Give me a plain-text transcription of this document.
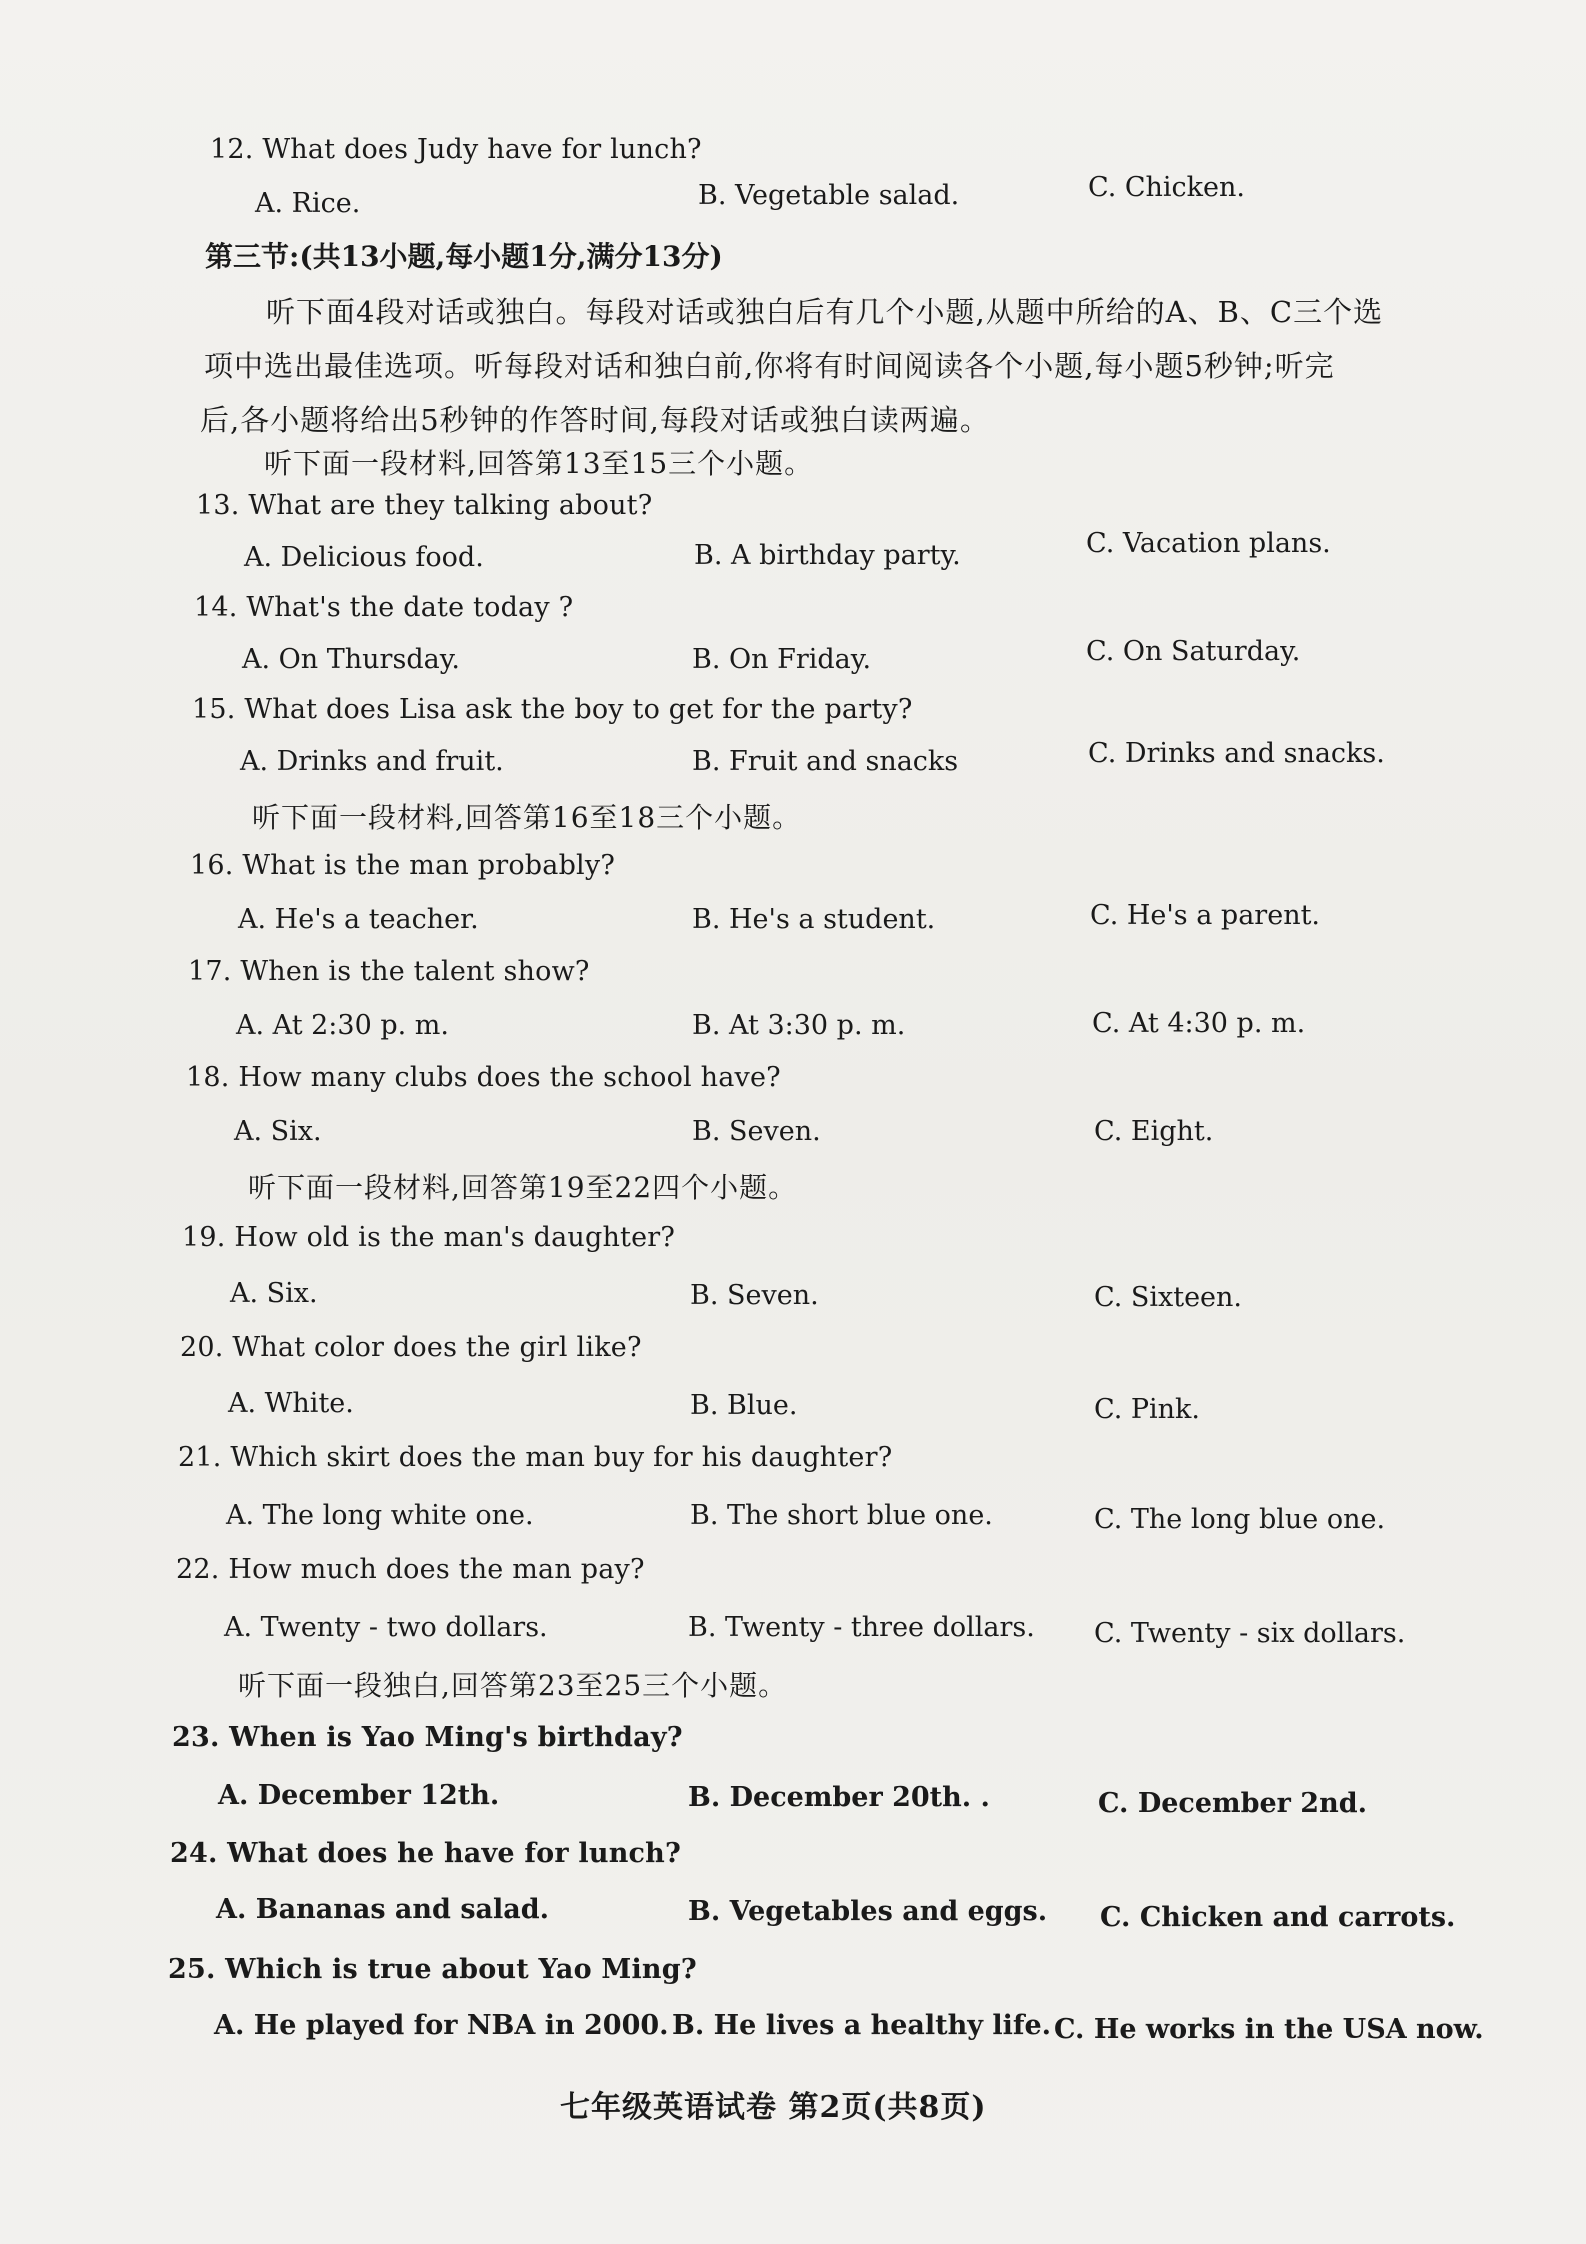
12. What does Judy have for lunch?
A. Rice.	B. Vegetable salad.	C. Chicken.
第三节:(共13小题,每小题1分,满分13分)
听下面4段对话或独白。每段对话或独白后有几个小题,从题中所给的A、B、C三个选
项中选出最佳选项。听每段对话和独白前,你将有时间阅读各个小题,每小题5秒钟;听完
后,各小题将给出5秒钟的作答时间,每段对话或独白读两遍。
听下面一段材料,回答第13至15三个小题。
13. What are they talking about?
A. Delicious food.	B. A birthday party.	C. Vacation plans.
14. What's the date today ?
A. On Thursday.	B. On Friday.	C. On Saturday.
15. What does Lisa ask the boy to get for the party?
A. Drinks and fruit.	B. Fruit and snacks	C. Drinks and snacks.
听下面一段材料,回答第16至18三个小题。
16. What is the man probably?
A. He's a teacher.	B. He's a student.	C. He's a parent.
17. When is the talent show?
A. At 2:30 p. m.	B. At 3:30 p. m.	C. At 4:30 p. m.
18. How many clubs does the school have?
A. Six.	B. Seven.	C. Eight.
听下面一段材料,回答第19至22四个小题。
19. How old is the man's daughter?
A. Six.	B. Seven.	C. Sixteen.
20. What color does the girl like?
A. White.	B. Blue.	C. Pink.
21. Which skirt does the man buy for his daughter?
A. The long white one.	B. The short blue one.	C. The long blue one.
22. How much does the man pay?
A. Twenty - two dollars.	B. Twenty - three dollars. C. Twenty - six dollars.
听下面一段独白,回答第23至25三个小题。
23. When is Yao Ming's birthday?
A. December 12th.	B. December 20th. .	C. December 2nd.
24. What does he have for lunch?
A. Bananas and salad.	B. Vegetables and eggs. C. Chicken and carrots.
25. Which is true about Yao Ming?
A. He played for NBA in 2000. B. He lives a healthy life. C. He works in the USA now.
七年级英语试卷 第2页(共8页)
